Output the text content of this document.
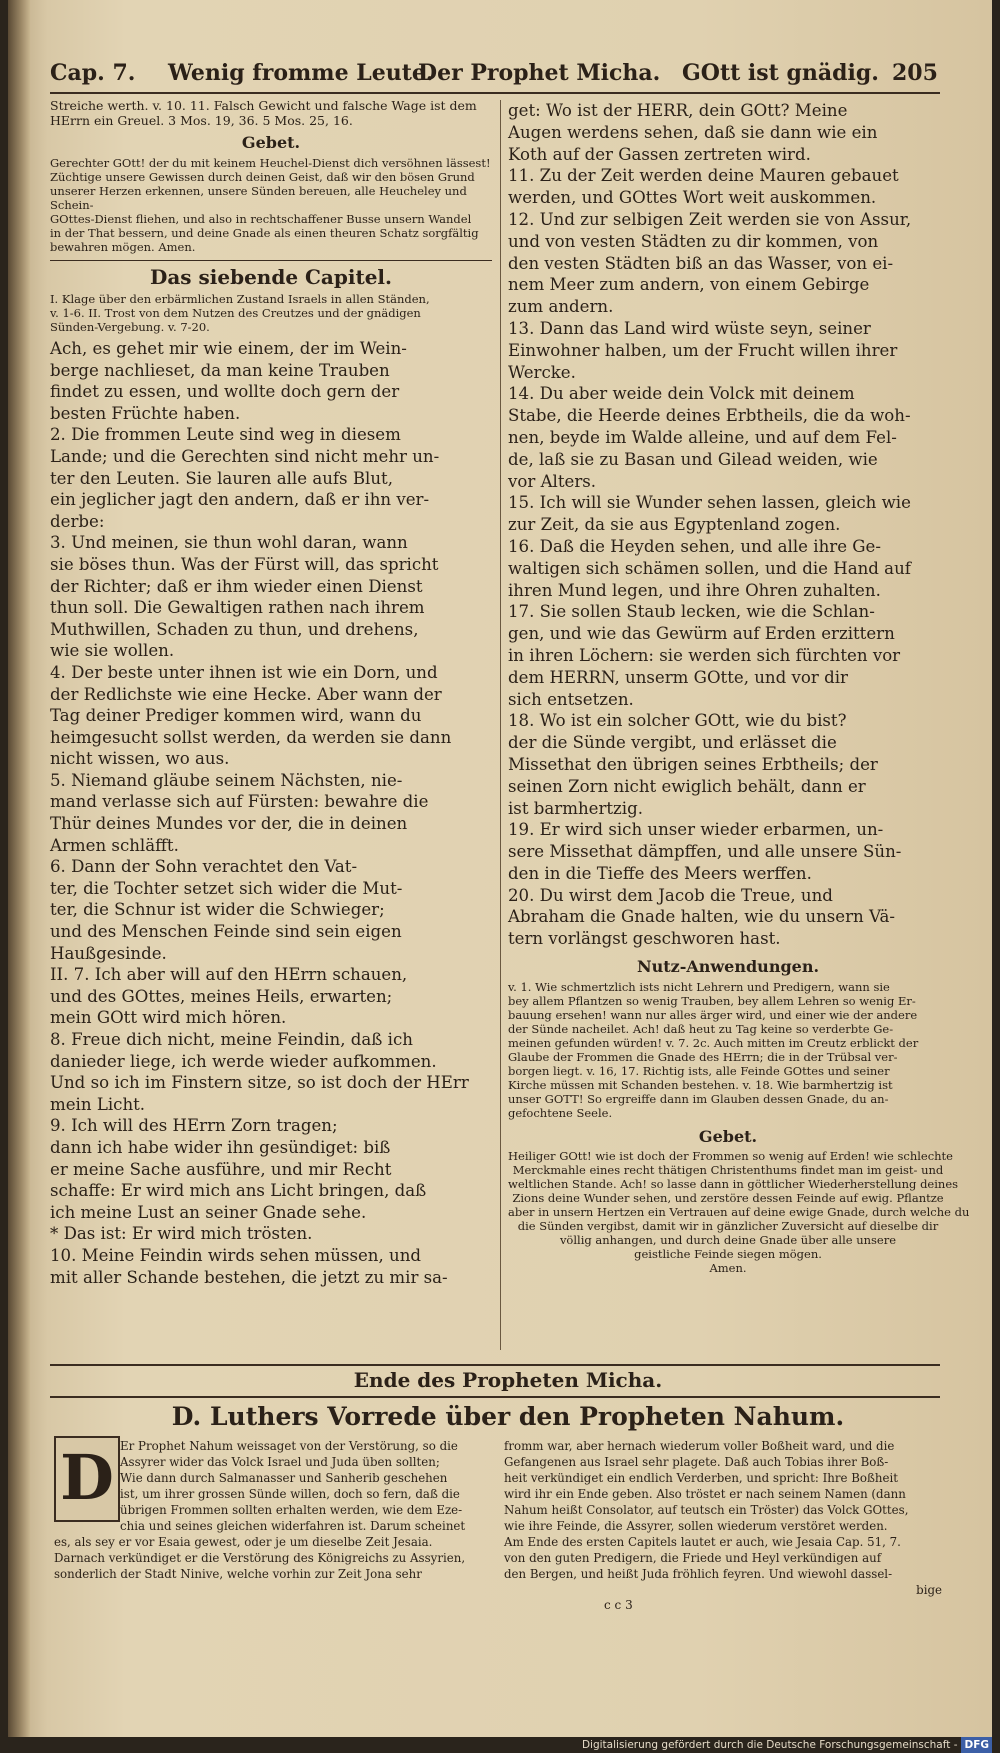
Cap. 7. Wenig fromme Leute.
Der Prophet Micha. GOtt ist gnädig. 205
Streiche werth. v. 10. 11. Falsch Gewicht und falsche Wage ist dem
HErrn ein Greuel. 3 Mos. 19, 36. 5 Mos. 25, 16.
Gebet.
Gerechter GOtt! der du mit keinem Heuchel-Dienst dich versöhnen lässest!
Züchtige unsere Gewissen durch deinen Geist, daß wir den bösen Grund
unserer Herzen erkennen, unsere Sünden bereuen, alle Heucheley und Schein-
GOttes-Dienst fliehen, und also in rechtschaffener Busse unsern Wandel
in der That bessern, und deine Gnade als einen theuren Schatz sorgfältig
bewahren mögen. Amen.
Das siebende Capitel.
I. Klage über den erbärmlichen Zustand Israels in allen Ständen,
v. 1-6. II. Trost von dem Nutzen des Creutzes und der gnädigen
Sünden-Vergebung. v. 7-20.
Ach, es gehet mir wie einem, der im Wein-
berge nachlieset, da man keine Trauben
findet zu essen, und wollte doch gern der
besten Früchte haben.
2. Die frommen Leute sind weg in diesem
Lande; und die Gerechten sind nicht mehr un-
ter den Leuten. Sie lauren alle aufs Blut,
ein jeglicher jagt den andern, daß er ihn ver-
derbe:
3. Und meinen, sie thun wohl daran, wann
sie böses thun. Was der Fürst will, das spricht
der Richter; daß er ihm wieder einen Dienst
thun soll. Die Gewaltigen rathen nach ihrem
Muthwillen, Schaden zu thun, und drehens,
wie sie wollen.
4. Der beste unter ihnen ist wie ein Dorn, und
der Redlichste wie eine Hecke. Aber wann der
Tag deiner Prediger kommen wird, wann du
heimgesucht sollst werden, da werden sie dann
nicht wissen, wo aus.
5. Niemand gläube seinem Nächsten, nie-
mand verlasse sich auf Fürsten: bewahre die
Thür deines Mundes vor der, die in deinen
Armen schläfft.
6. Dann der Sohn verachtet den Vat-
ter, die Tochter setzet sich wider die Mut-
ter, die Schnur ist wider die Schwieger;
und des Menschen Feinde sind sein eigen
Haußgesinde.
II. 7. Ich aber will auf den HErrn schauen,
und des GOttes, meines Heils, erwarten;
mein GOtt wird mich hören.
8. Freue dich nicht, meine Feindin, daß ich
danieder liege, ich werde wieder aufkommen.
Und so ich im Finstern sitze, so ist doch der HErr
mein Licht.
9. Ich will des HErrn Zorn tragen;
dann ich habe wider ihn gesündiget: biß
er meine Sache ausführe, und mir Recht
schaffe: Er wird mich ans Licht bringen, daß
ich meine Lust an seiner Gnade sehe.
* Das ist: Er wird mich trösten.
10. Meine Feindin wirds sehen müssen, und
mit aller Schande bestehen, die jetzt zu mir sa-
get: Wo ist der HERR, dein GOtt? Meine
Augen werdens sehen, daß sie dann wie ein
Koth auf der Gassen zertreten wird.
11. Zu der Zeit werden deine Mauren gebauet
werden, und GOttes Wort weit auskommen.
12. Und zur selbigen Zeit werden sie von Assur,
und von vesten Städten zu dir kommen, von
den vesten Städten biß an das Wasser, von ei-
nem Meer zum andern, von einem Gebirge
zum andern.
13. Dann das Land wird wüste seyn, seiner
Einwohner halben, um der Frucht willen ihrer
Wercke.
14. Du aber weide dein Volck mit deinem
Stabe, die Heerde deines Erbtheils, die da woh-
nen, beyde im Walde alleine, und auf dem Fel-
de, laß sie zu Basan und Gilead weiden, wie
vor Alters.
15. Ich will sie Wunder sehen lassen, gleich wie
zur Zeit, da sie aus Egyptenland zogen.
16. Daß die Heyden sehen, und alle ihre Ge-
waltigen sich schämen sollen, und die Hand auf
ihren Mund legen, und ihre Ohren zuhalten.
17. Sie sollen Staub lecken, wie die Schlan-
gen, und wie das Gewürm auf Erden erzittern
in ihren Löchern: sie werden sich fürchten vor
dem HERRN, unserm GOtte, und vor dir
sich entsetzen.
18. Wo ist ein solcher GOtt, wie du bist?
der die Sünde vergibt, und erlässet die
Missethat den übrigen seines Erbtheils; der
seinen Zorn nicht ewiglich behält, dann er
ist barmhertzig.
19. Er wird sich unser wieder erbarmen, un-
sere Missethat dämpffen, und alle unsere Sün-
den in die Tieffe des Meers werffen.
20. Du wirst dem Jacob die Treue, und
Abraham die Gnade halten, wie du unsern Vä-
tern vorlängst geschworen hast.
Nutz-Anwendungen.
v. 1. Wie schmertzlich ists nicht Lehrern und Predigern, wann sie
bey allem Pflantzen so wenig Trauben, bey allem Lehren so wenig Er-
bauung ersehen! wann nur alles ärger wird, und einer wie der andere
der Sünde nacheilet. Ach! daß heut zu Tag keine so verderbte Ge-
meinen gefunden würden! v. 7. 2c. Auch mitten im Creutz erblickt der
Glaube der Frommen die Gnade des HErrn; die in der Trübsal ver-
borgen liegt. v. 16, 17. Richtig ists, alle Feinde GOttes und seiner
Kirche müssen mit Schanden bestehen. v. 18. Wie barmhertzig ist
unser GOTT! So ergreiffe dann im Glauben dessen Gnade, du an-
gefochtene Seele.
Gebet.
Heiliger GOtt! wie ist doch der Frommen so wenig auf Erden! wie schlechte
Merckmahle eines recht thätigen Christenthums findet man im geist- und
weltlichen Stande. Ach! so lasse dann in göttlicher Wiederherstellung deines
Zions deine Wunder sehen, und zerstöre dessen Feinde auf ewig. Pflantze
aber in unsern Hertzen ein Vertrauen auf deine ewige Gnade, durch welche du
die Sünden vergibst, damit wir in gänzlicher Zuversicht auf dieselbe dir
völlig anhangen, und durch deine Gnade über alle unsere
geistliche Feinde siegen mögen.
Amen.
Ende des Propheten Micha.
D. Luthers Vorrede über den Propheten Nahum.
D Er Prophet Nahum weissaget von der Verstörung, so die
Assyrer wider das Volck Israel und Juda üben sollten;
Wie dann durch Salmanasser und Sanherib geschehen
ist, um ihrer grossen Sünde willen, doch so fern, daß die
übrigen Frommen sollten erhalten werden, wie dem Eze-
chia und seines gleichen widerfahren ist. Darum scheinet
es, als sey er vor Esaia gewest, oder je um dieselbe Zeit Jesaia.
Darnach verkündiget er die Verstörung des Königreichs zu Assyrien,
sonderlich der Stadt Ninive, welche vorhin zur Zeit Jona sehr
fromm war, aber hernach wiederum voller Boßheit ward, und die
Gefangenen aus Israel sehr plagete. Daß auch Tobias ihrer Boß-
heit verkündiget ein endlich Verderben, und spricht: Ihre Boßheit
wird ihr ein Ende geben. Also tröstet er nach seinem Namen (dann
Nahum heißt Consolator, auf teutsch ein Tröster) das Volck GOttes,
wie ihre Feinde, die Assyrer, sollen wiederum verstöret werden.
Am Ende des ersten Capitels lautet er auch, wie Jesaia Cap. 51, 7.
von den guten Predigern, die Friede und Heyl verkündigen auf
den Bergen, und heißt Juda fröhlich feyren. Und wiewohl dassel-
bige
c c 3
Digitalisierung gefördert durch die Deutsche Forschungsgemeinschaft - DFG
